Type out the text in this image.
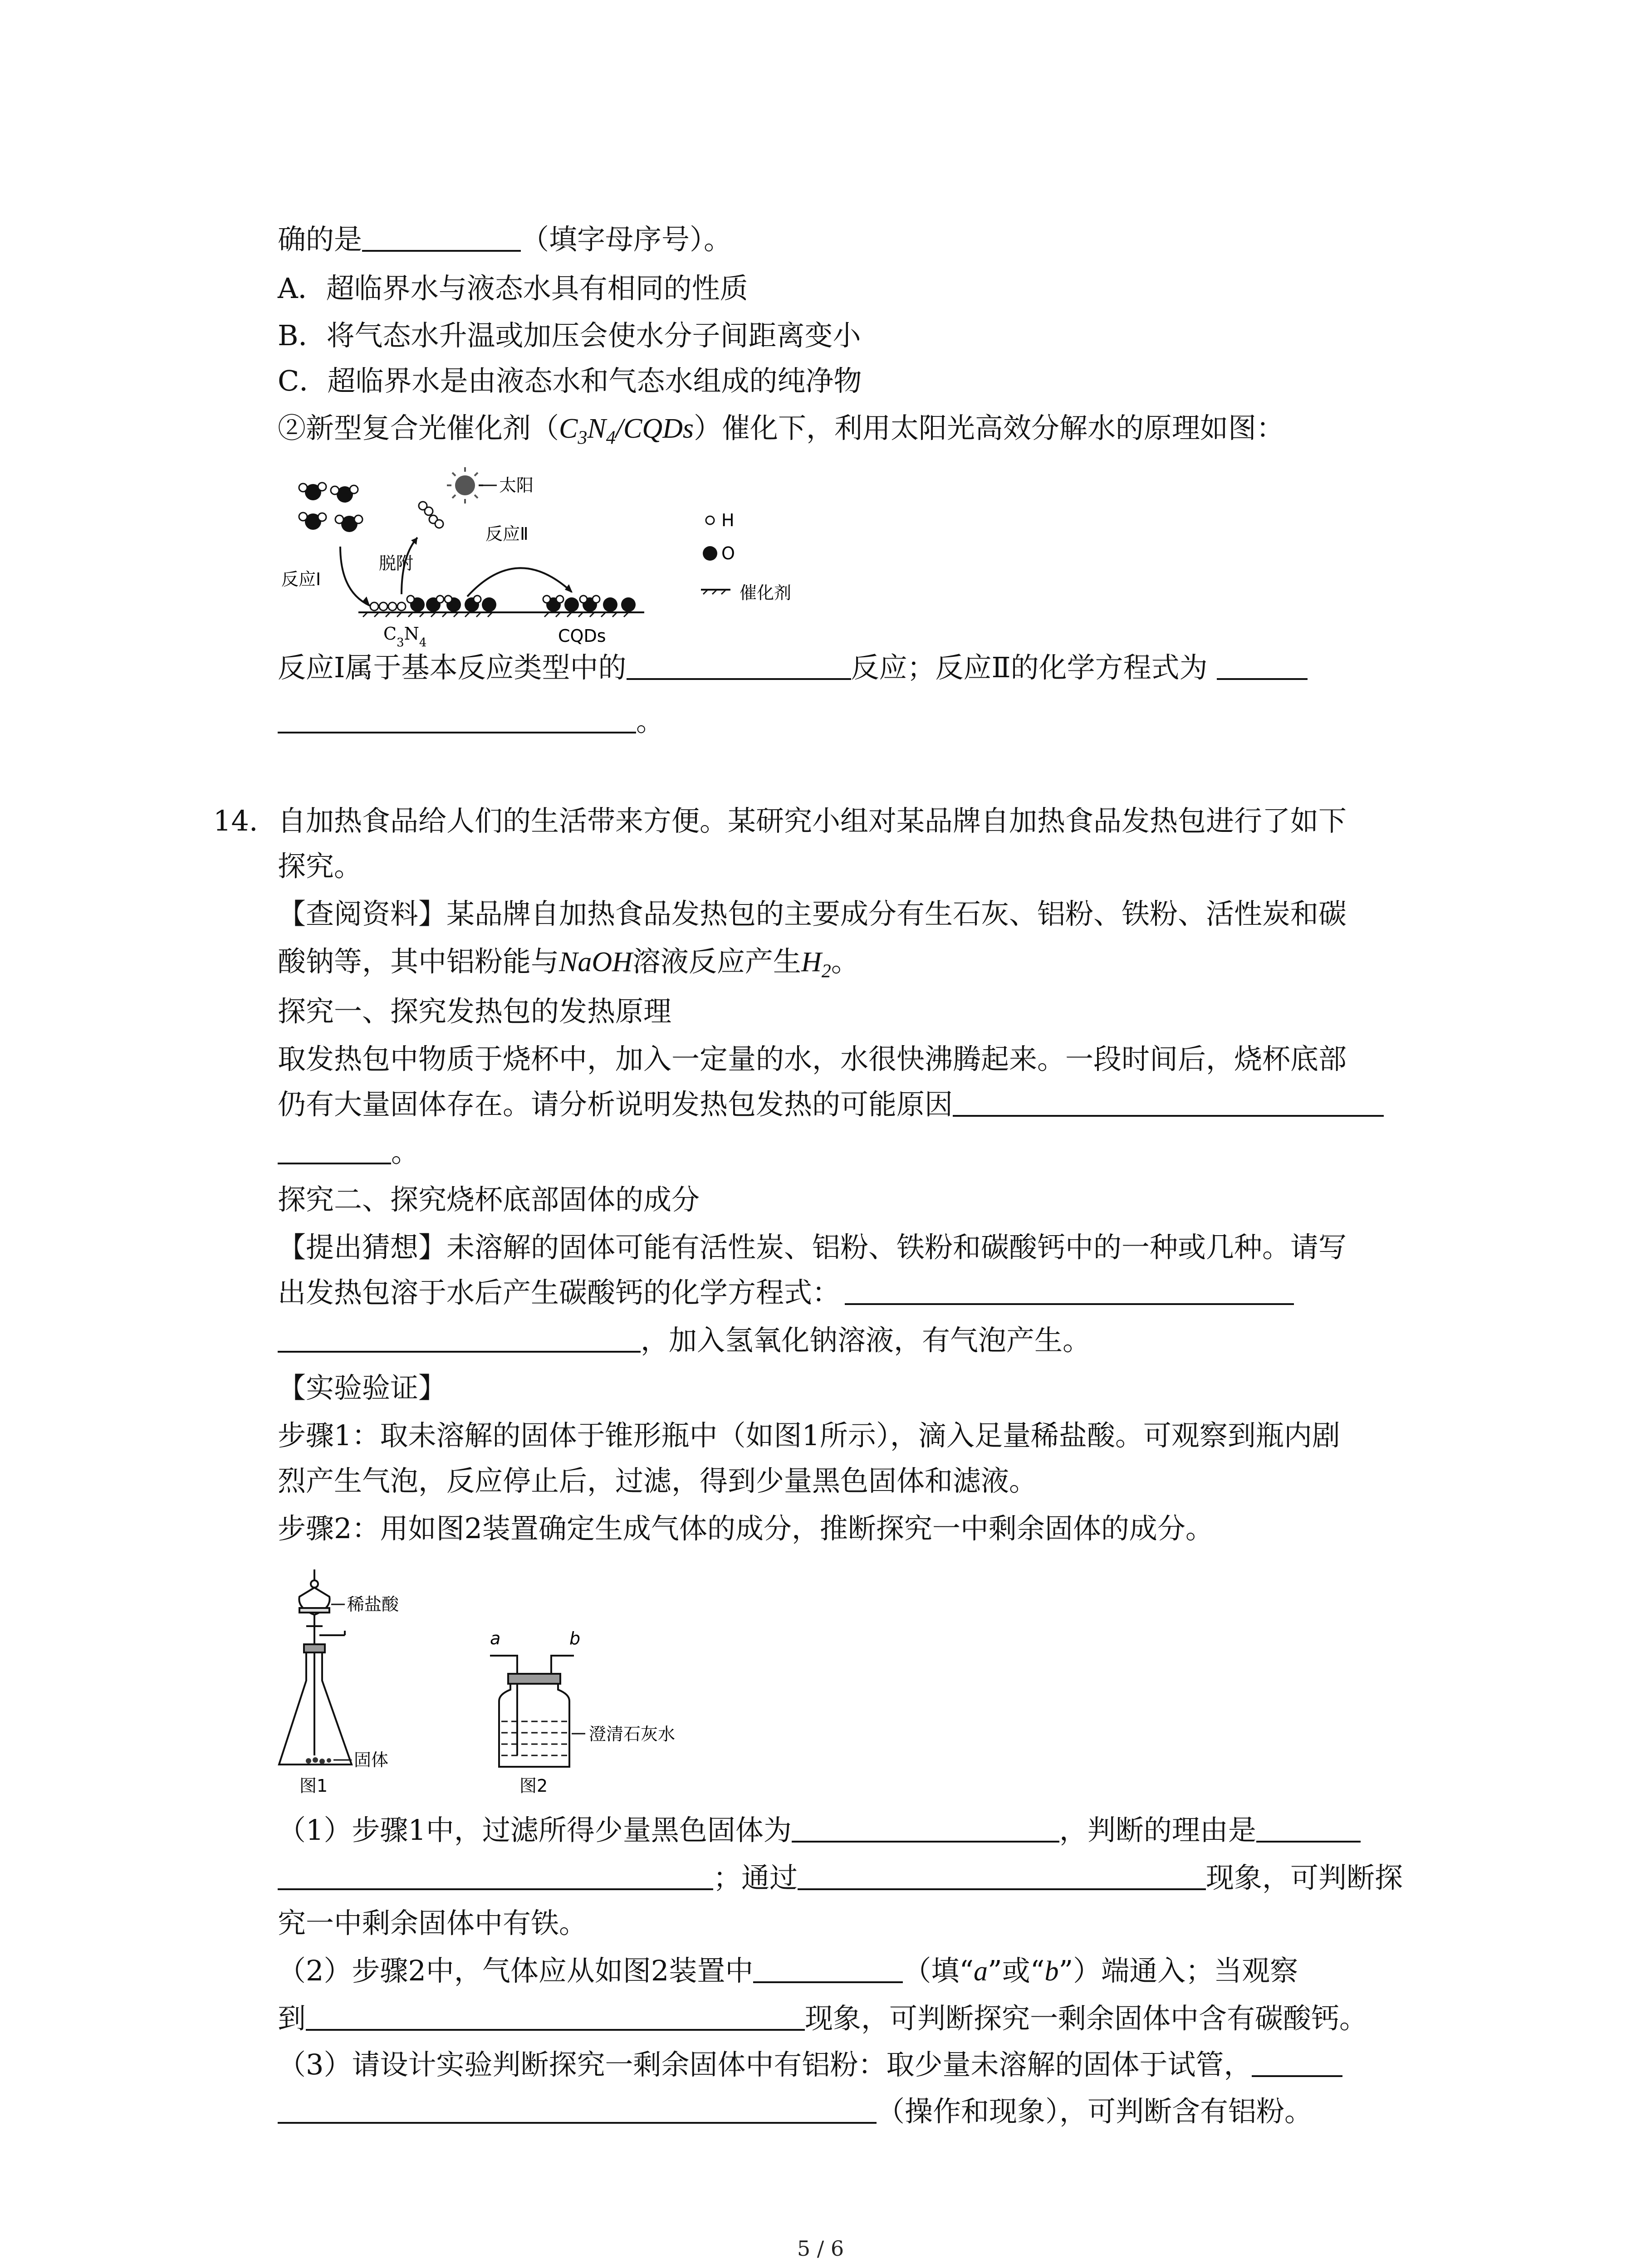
确的是	（填字母序号）。
A．超临界水与液态水具有相同的性质
B．将气态水升温或加压会使水分子间距离变小
C．超临界水是由液态水和气态水组成的纯净物
②新型复合光催化剂$(C_3N_4/CQDs)$催化下，利用太阳光高效分解水的原理如图：
太阳
反应Ⅰ
脱附
反应Ⅱ
$C_3N_4$	CQDs
H
O
催化剂
反应Ⅰ属于基本反应类型中的	反应；反应Ⅱ的化学方程式为
。
14. 自加热食品给人们的生活带来方便。某研究小组对某品牌自加热食品发热包进行了如下
探究。
【查阅资料】某品牌自加热食品发热包的主要成分有生石灰、铝粉、铁粉、活性炭和碳
酸钠等，其中铝粉能与NaOH溶液反应产生$H_2$。
探究一、探究发热包的发热原理
取发热包中物质于烧杯中，加入一定量的水，水很快沸腾起来。一段时间后，烧杯底部
仍有大量固体存在。请分析说明发热包发热的可能原因
。
探究二、探究烧杯底部固体的成分
【提出猜想】未溶解的固体可能有活性炭、铝粉、铁粉和碳酸钙中的一种或几种。请写
出发热包溶于水后产生碳酸钙的化学方程式：
，加入氢氧化钠溶液，有气泡产生。
【实验验证】
步骤1：取未溶解的固体于锥形瓶中（如图1所示），滴入足量稀盐酸。可观察到瓶内剧
烈产生气泡，反应停止后，过滤，得到少量黑色固体和滤液。
步骤2：用如图2装置确定生成气体的成分，推断探究一中剩余固体的成分。
稀盐酸
固体
图1
a	b
澄清石灰水
图2
（1）步骤1中，过滤所得少量黑色固体为	，判断的理由是
；通过	现象，可判断探
究一中剩余固体中有铁。
（2）步骤2中，气体应从如图2装置中	（填“a”或“b”）端通入；当观察
到	现象，可判断探究一剩余固体中含有碳酸钙。
（3）请设计实验判断探究一剩余固体中有铝粉：取少量未溶解的固体于试管，
（操作和现象），可判断含有铝粉。
5 / 6
